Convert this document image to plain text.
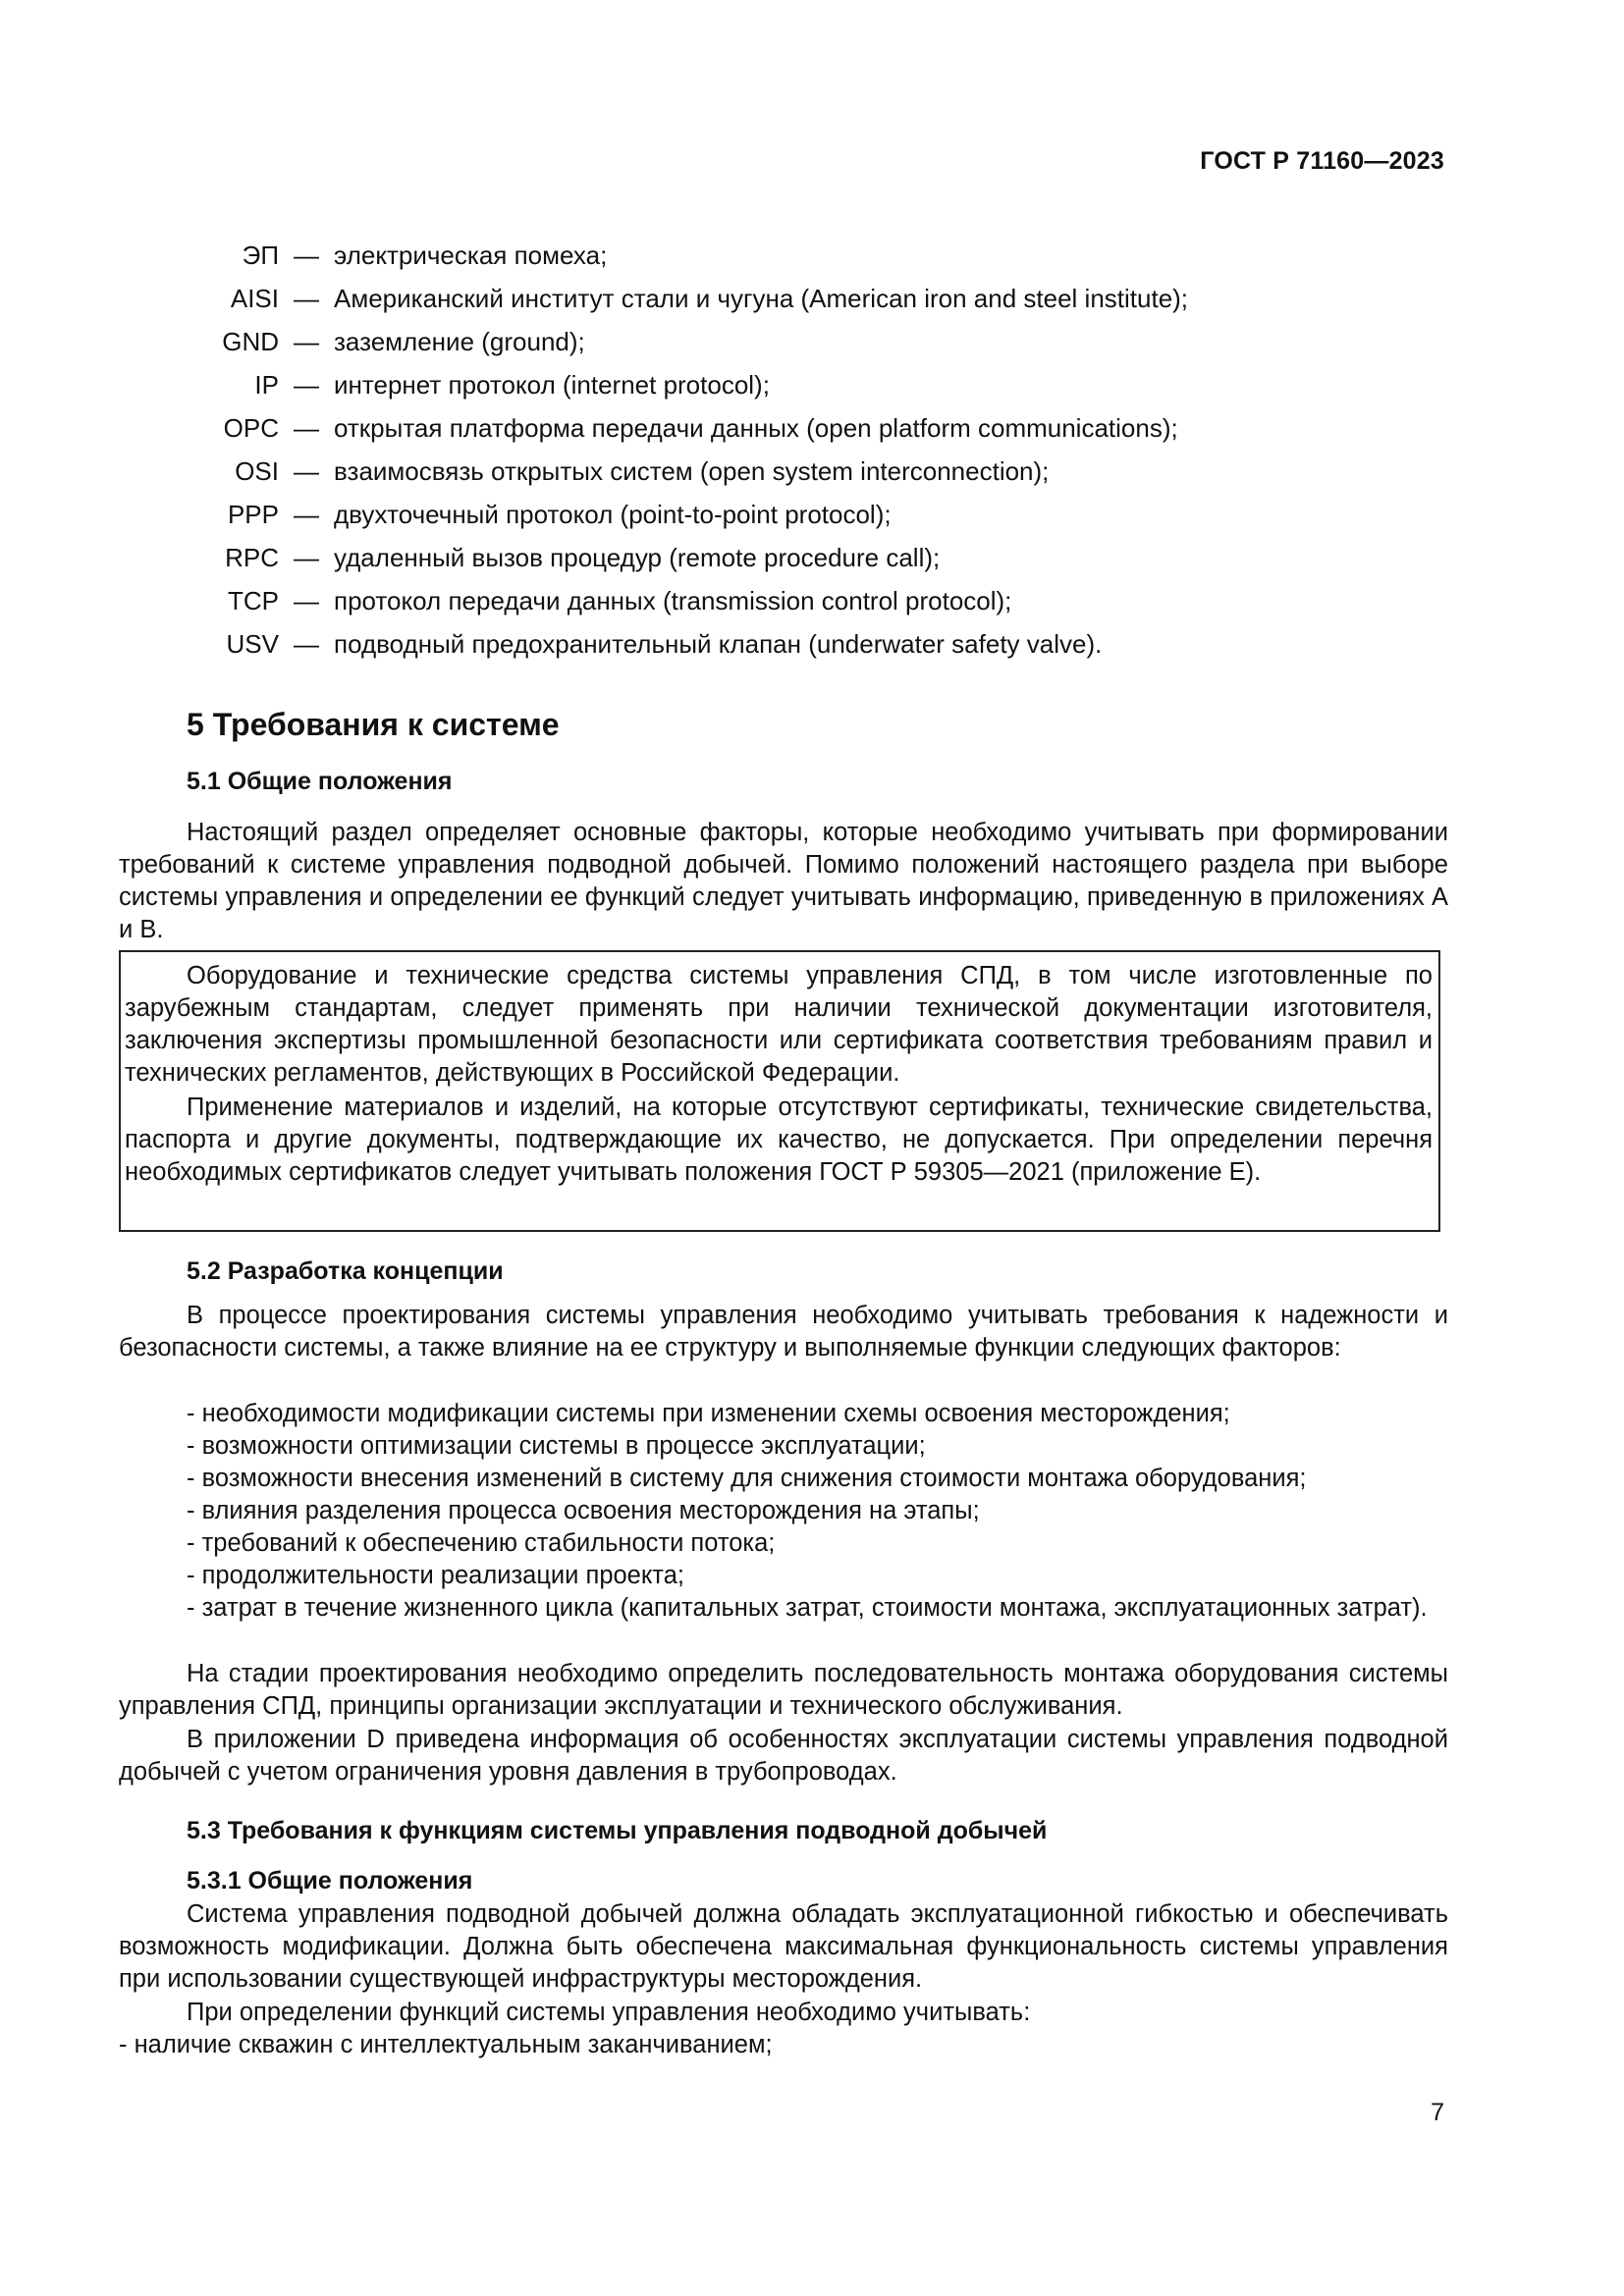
ГОСТ Р 71160—2023
ЭП — электрическая помеха;
AISI — Американский институт стали и чугуна (American iron and steel institute);
GND — заземление (ground);
IP — интернет протокол (internet protocol);
OPC — открытая платформа передачи данных (open platform communications);
OSI — взаимосвязь открытых систем (open system interconnection);
PPP — двухточечный протокол (point-to-point protocol);
RPC — удаленный вызов процедур (remote procedure call);
TCP — протокол передачи данных (transmission control protocol);
USV — подводный предохранительный клапан (underwater safety valve).
5 Требования к системе
5.1 Общие положения

Настоящий раздел определяет основные факторы, которые необходимо учитывать при формировании требований к системе управления подводной добычей. Помимо положений настоящего раздела при выборе системы управления и определении ее функций следует учитывать информацию, приведенную в приложениях А и В.

Оборудование и технические средства системы управления СПД, в том числе изготовленные по зарубежным стандартам, следует применять при наличии технической документации изготовителя, заключения экспертизы промышленной безопасности или сертификата соответствия требованиям правил и технических регламентов, действующих в Российской Федерации.

Применение материалов и изделий, на которые отсутствуют сертификаты, технические свидетельства, паспорта и другие документы, подтверждающие их качество, не допускается. При определении перечня необходимых сертификатов следует учитывать положения ГОСТ Р 59305—2021 (приложение Е).

5.2 Разработка концепции

В процессе проектирования системы управления необходимо учитывать требования к надежности и безопасности системы, а также влияние на ее структуру и выполняемые функции следующих факторов:

- необходимости модификации системы при изменении схемы освоения месторождения;
- возможности оптимизации системы в процессе эксплуатации;
- возможности внесения изменений в систему для снижения стоимости монтажа оборудования;
- влияния разделения процесса освоения месторождения на этапы;
- требований к обеспечению стабильности потока;
- продолжительности реализации проекта;

- затрат в течение жизненного цикла (капитальных затрат, стоимости монтажа, эксплуатационных затрат).

На стадии проектирования необходимо определить последовательность монтажа оборудования системы управления СПД, принципы организации эксплуатации и технического обслуживания.

В приложении D приведена информация об особенностях эксплуатации системы управления подводной добычей с учетом ограничения уровня давления в трубопроводах.

5.3 Требования к функциям системы управления подводной добычей
5.3.1 Общие положения

Система управления подводной добычей должна обладать эксплуатационной гибкостью и обеспечивать возможность модификации. Должна быть обеспечена максимальная функциональность системы управления при использовании существующей инфраструктуры месторождения.

При определении функций системы управления необходимо учитывать:

- наличие скважин с интеллектуальным заканчиванием;
7
